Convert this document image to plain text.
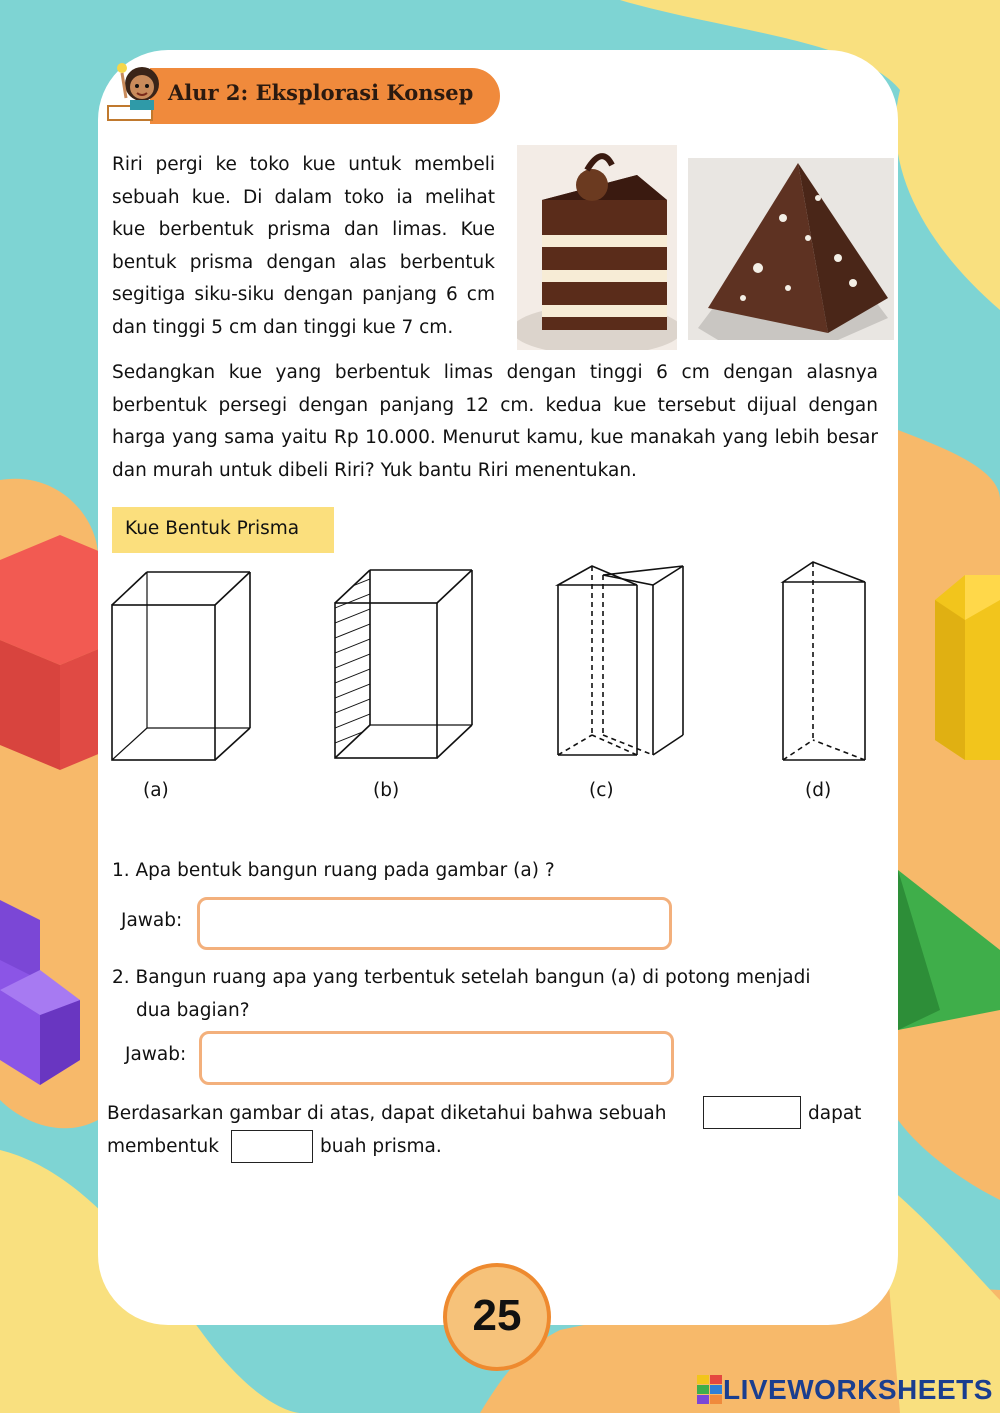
Alur 2: Eksplorasi Konsep
Riri pergi ke toko kue untuk membeli sebuah kue. Di dalam toko ia melihat kue berbentuk prisma dan limas. Kue bentuk prisma dengan alas berbentuk segitiga siku-siku dengan panjang 6 cm dan tinggi 5 cm dan tinggi kue 7 cm.
Sedangkan kue yang berbentuk limas dengan tinggi 6 cm dengan alasnya berbentuk persegi dengan panjang 12 cm. kedua kue tersebut dijual dengan harga yang sama yaitu Rp 10.000. Menurut kamu, kue manakah yang lebih besar dan murah untuk dibeli Riri? Yuk bantu Riri menentukan.
Kue Bentuk Prisma
(a)	(b)	(c)	(d)
1. Apa bentuk bangun ruang pada gambar (a) ?
Jawab:
2. Bangun ruang apa yang terbentuk setelah bangun (a) di potong menjadi
dua bagian?
Jawab:
Berdasarkan gambar di atas, dapat diketahui bahwa sebuah	dapat
membentuk	buah prisma.
25
LIVEWORKSHEETS
